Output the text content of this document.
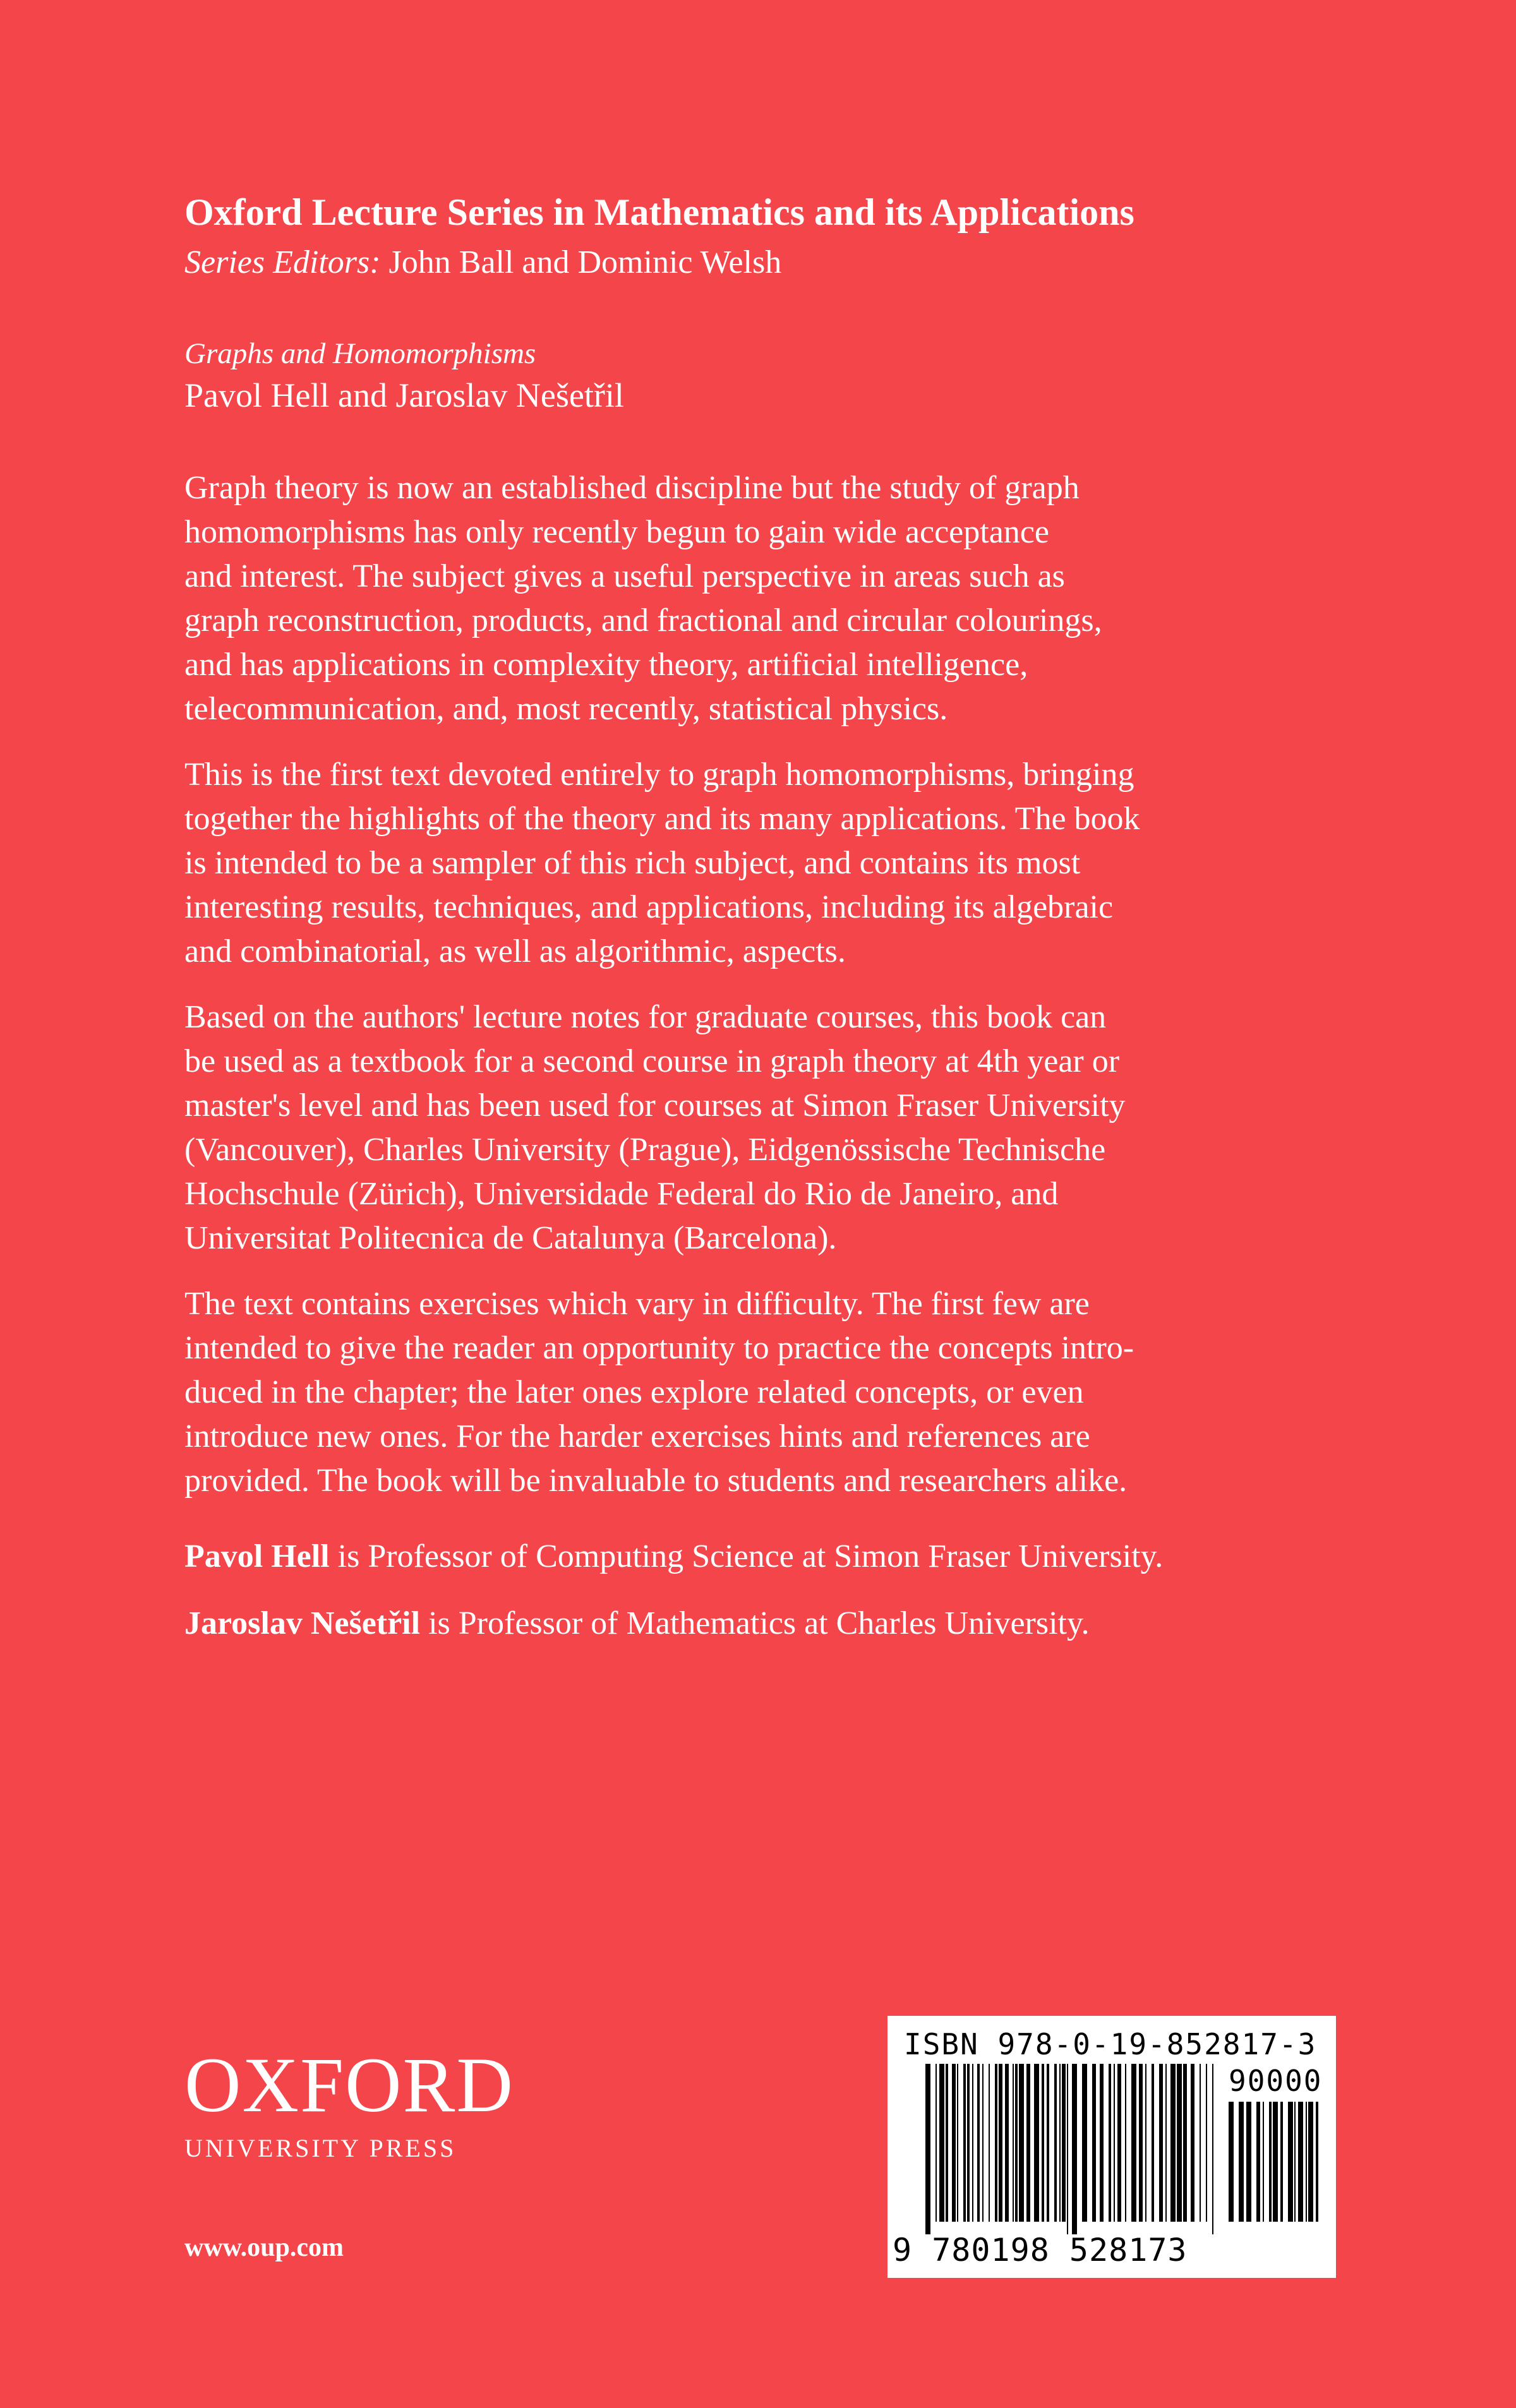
Oxford Lecture Series in Mathematics and its Applications
Series Editors: John Ball and Dominic Welsh
Graphs and Homomorphisms
Pavol Hell and Jaroslav Nešetřil

Graph theory is now an established discipline but the study of graph
homomorphisms has only recently begun to gain wide acceptance
and interest. The subject gives a useful perspective in areas such as
graph reconstruction, products, and fractional and circular colourings,
and has applications in complexity theory, artificial intelligence,
telecommunication, and, most recently, statistical physics.

This is the first text devoted entirely to graph homomorphisms, bringing
together the highlights of the theory and its many applications. The book
is intended to be a sampler of this rich subject, and contains its most
interesting results, techniques, and applications, including its algebraic
and combinatorial, as well as algorithmic, aspects.

Based on the authors' lecture notes for graduate courses, this book can
be used as a textbook for a second course in graph theory at 4th year or
master's level and has been used for courses at Simon Fraser University
(Vancouver), Charles University (Prague), Eidgenössische Technische
Hochschule (Zürich), Universidade Federal do Rio de Janeiro, and
Universitat Politecnica de Catalunya (Barcelona).

The text contains exercises which vary in difficulty. The first few are
intended to give the reader an opportunity to practice the concepts intro-
duced in the chapter; the later ones explore related concepts, or even
introduce new ones. For the harder exercises hints and references are
provided. The book will be invaluable to students and researchers alike.

Pavol Hell is Professor of Computing Science at Simon Fraser University.

Jaroslav Nešetřil is Professor of Mathematics at Charles University.

OXFORD
UNIVERSITY PRESS
www.oup.com
ISBN 978-0-19-852817-3
90000
9 780198 528173
